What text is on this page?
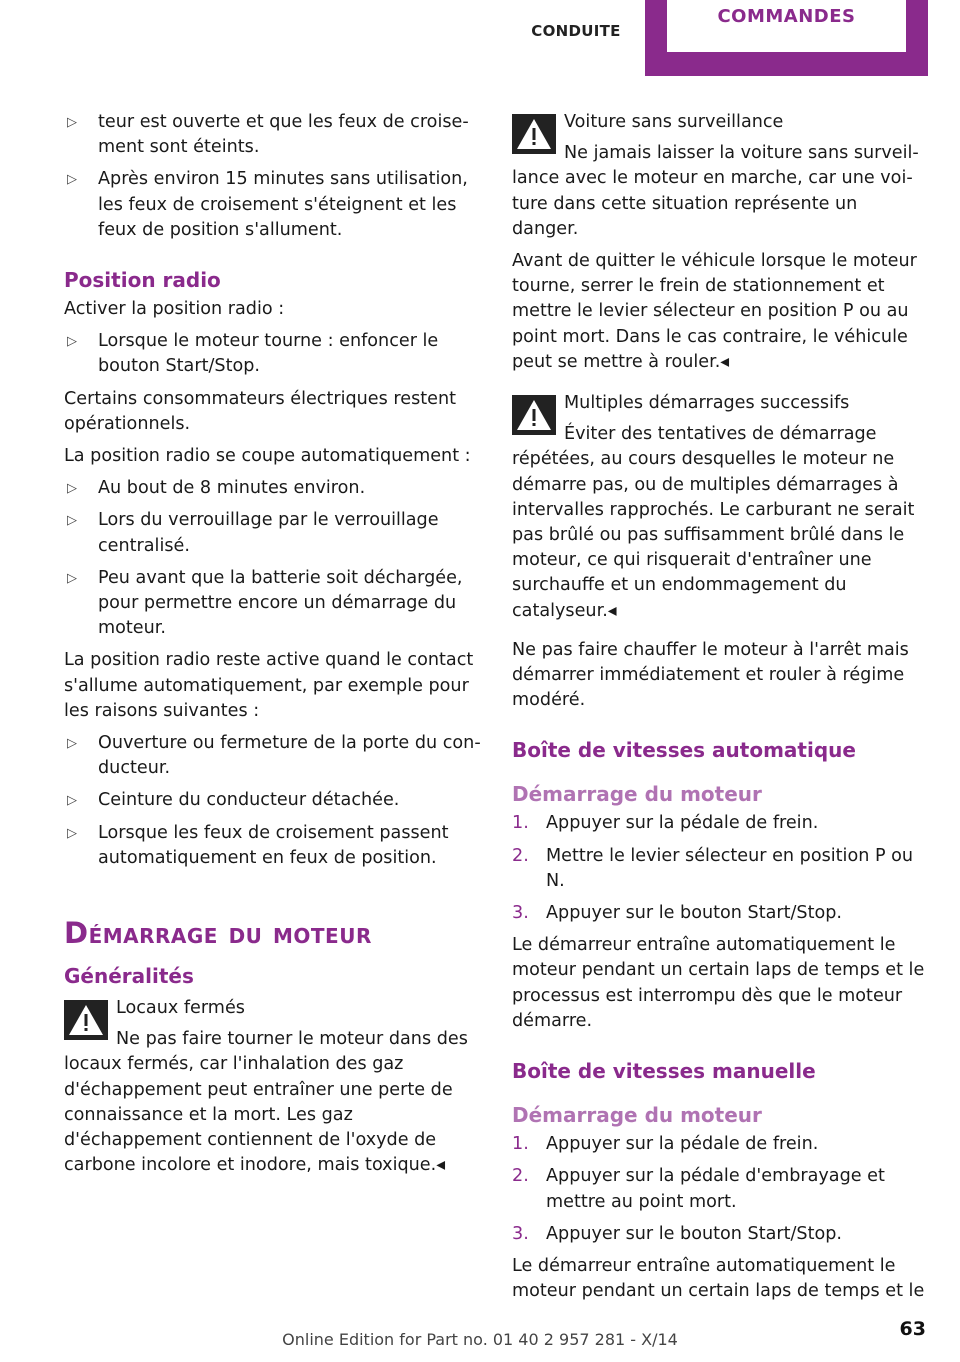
CONDUITE
COMMANDES
▷ teur est ouverte et que les feux de croisement sont éteints.
▷ Après environ 15 minutes sans utilisation, les feux de croisement s'éteignent et les feux de position s'allument.
Position radio

Activer la position radio :

▷ Lorsque le moteur tourne : enfoncer le bouton Start/Stop.

Certains consommateurs électriques restent opérationnels.

La position radio se coupe automatiquement :

▷ Au bout de 8 minutes environ.
▷ Lors du verrouillage par le verrouillage centralisé.
▷ Peu avant que la batterie soit déchargée, pour permettre encore un démarrage du moteur.

La position radio reste active quand le contact s'allume automatiquement, par exemple pour les raisons suivantes :

▷ Ouverture ou fermeture de la porte du conducteur.
▷ Ceinture du conducteur détachée.
▷ Lorsque les feux de croisement passent automatiquement en feux de position.
Démarrage du moteur
Généralités

Locaux fermés

Ne pas faire tourner le moteur dans des locaux fermés, car l'inhalation des gaz d'échappement peut entraîner une perte de connaissance et la mort. Les gaz d'échappement contiennent de l'oxyde de carbone incolore et inodore, mais toxique.◂

Voiture sans surveillance

Ne jamais laisser la voiture sans surveillance avec le moteur en marche, car une voiture dans cette situation représente un danger.

Avant de quitter le véhicule lorsque le moteur tourne, serrer le frein de stationnement et mettre le levier sélecteur en position P ou au point mort. Dans le cas contraire, le véhicule peut se mettre à rouler.◂

Multiples démarrages successifs

Éviter des tentatives de démarrage répétées, au cours desquelles le moteur ne démarre pas, ou de multiples démarrages à intervalles rapprochés. Le carburant ne serait pas brûlé ou pas suffisamment brûlé dans le moteur, ce qui risquerait d'entraîner une surchauffe et un endommagement du catalyseur.◂

Ne pas faire chauffer le moteur à l'arrêt mais démarrer immédiatement et rouler à régime modéré.

Boîte de vitesses automatique
Démarrage du moteur
1. Appuyer sur la pédale de frein.
2. Mettre le levier sélecteur en position P ou N.
3. Appuyer sur le bouton Start/Stop.

Le démarreur entraîne automatiquement le moteur pendant un certain laps de temps et le processus est interrompu dès que le moteur démarre.

Boîte de vitesses manuelle
Démarrage du moteur
1. Appuyer sur la pédale de frein.
2. Appuyer sur la pédale d'embrayage et mettre au point mort.
3. Appuyer sur le bouton Start/Stop.

Le démarreur entraîne automatiquement le moteur pendant un certain laps de temps et le

Online Edition for Part no. 01 40 2 957 281 - X/14	63
